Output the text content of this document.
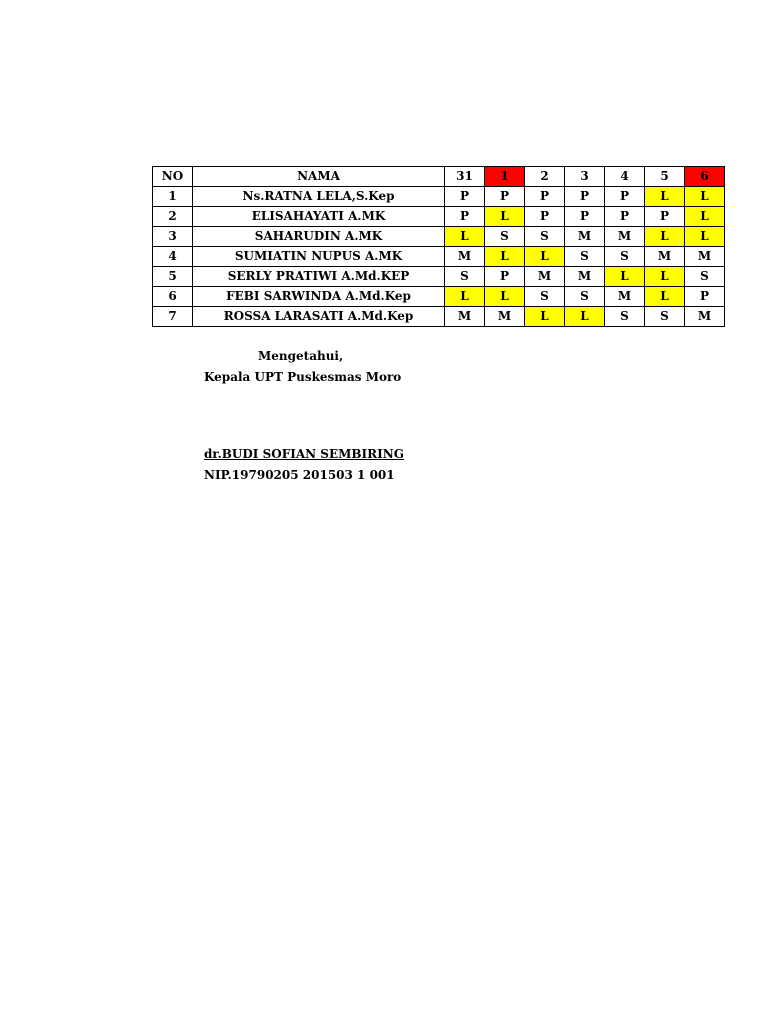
NO	NAMA	31	1	2	3	4	5	6
1	Ns.RATNA LELA,S.Kep	P	P	P	P	P	L	L
2	ELISAHAYATI A.MK	P	L	P	P	P	P	L
3	SAHARUDIN A.MK	L	S	S	M	M	L	L
4	SUMIATIN NUPUS A.MK	M	L	L	S	S	M	M
5	SERLY PRATIWI A.Md.KEP	S	P	M	M	L	L	S
6	FEBI SARWINDA A.Md.Kep	L	L	S	S	M	L	P
7	ROSSA LARASATI A.Md.Kep	M	M	L	L	S	S	M
Mengetahui,
Kepala UPT Puskesmas Moro
dr.BUDI SOFIAN SEMBIRING
NIP.19790205 201503 1 001
